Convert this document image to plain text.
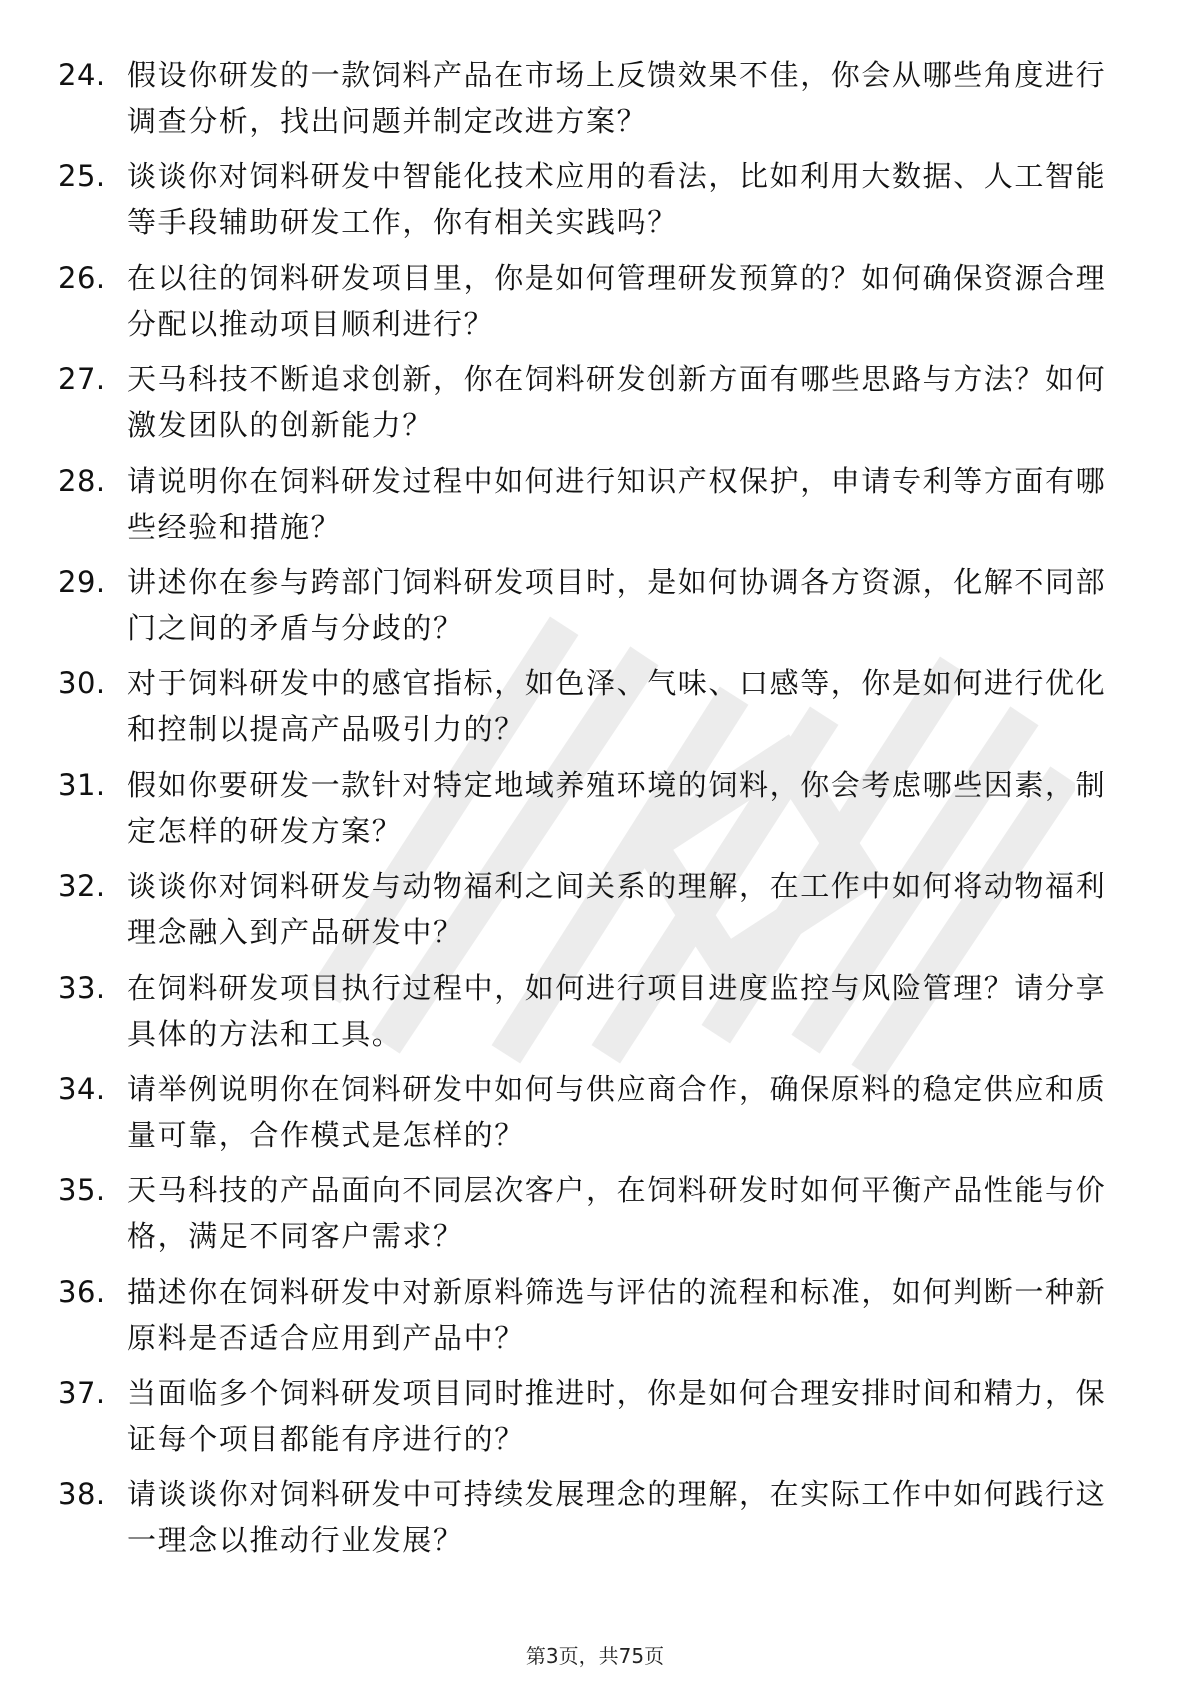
24. 假设你研发的一款饲料产品在市场上反馈效果不佳，你会从哪些角度进行调查分析，找出问题并制定改进方案？
25. 谈谈你对饲料研发中智能化技术应用的看法，比如利用大数据、人工智能等手段辅助研发工作，你有相关实践吗？
26. 在以往的饲料研发项目里，你是如何管理研发预算的？如何确保资源合理分配以推动项目顺利进行？
27. 天马科技不断追求创新，你在饲料研发创新方面有哪些思路与方法？如何激发团队的创新能力？
28. 请说明你在饲料研发过程中如何进行知识产权保护，申请专利等方面有哪些经验和措施？
29. 讲述你在参与跨部门饲料研发项目时，是如何协调各方资源，化解不同部门之间的矛盾与分歧的？
30. 对于饲料研发中的感官指标，如色泽、气味、口感等，你是如何进行优化和控制以提高产品吸引力的？
31. 假如你要研发一款针对特定地域养殖环境的饲料，你会考虑哪些因素，制定怎样的研发方案？
32. 谈谈你对饲料研发与动物福利之间关系的理解，在工作中如何将动物福利理念融入到产品研发中？
33. 在饲料研发项目执行过程中，如何进行项目进度监控与风险管理？请分享具体的方法和工具。
34. 请举例说明你在饲料研发中如何与供应商合作，确保原料的稳定供应和质量可靠，合作模式是怎样的？
35. 天马科技的产品面向不同层次客户，在饲料研发时如何平衡产品性能与价格，满足不同客户需求？
36. 描述你在饲料研发中对新原料筛选与评估的流程和标准，如何判断一种新原料是否适合应用到产品中？
37. 当面临多个饲料研发项目同时推进时，你是如何合理安排时间和精力，保证每个项目都能有序进行的？
38. 请谈谈你对饲料研发中可持续发展理念的理解，在实际工作中如何践行这一理念以推动行业发展？
第3页，共75页
